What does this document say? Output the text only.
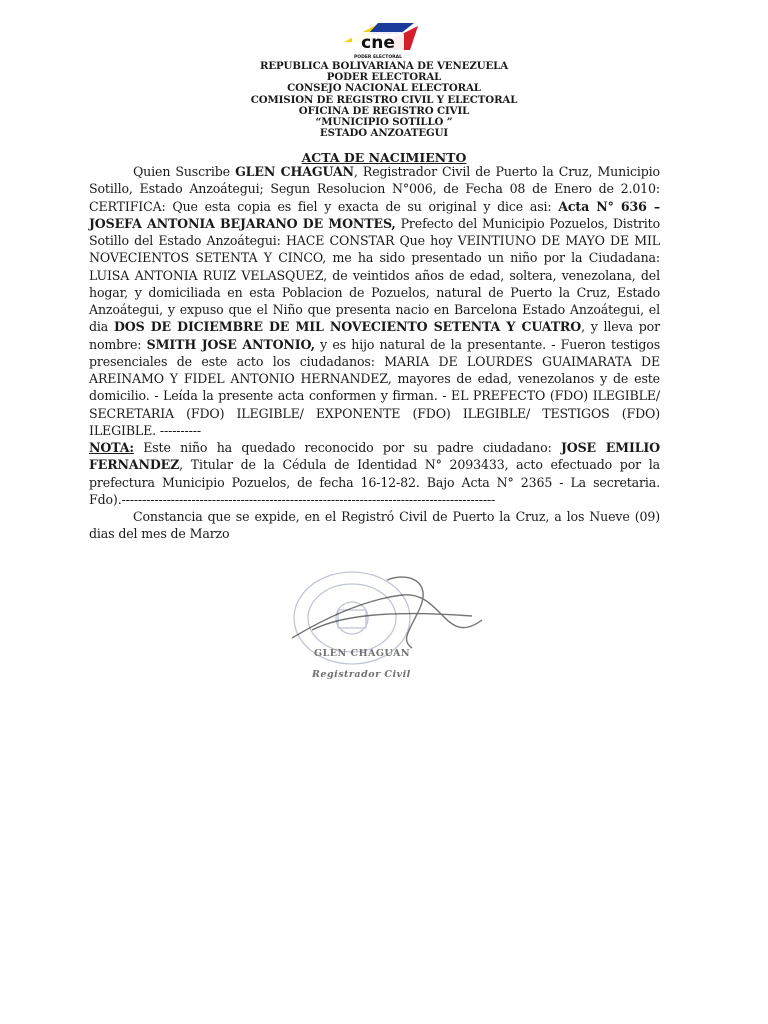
cne
PODER ELECTORAL
REPUBLICA BOLIVARIANA DE VENEZUELA
PODER ELECTORAL
CONSEJO NACIONAL ELECTORAL
COMISION DE REGISTRO CIVIL Y ELECTORAL
OFICINA DE REGISTRO CIVIL
“MUNICIPIO SOTILLO ”
ESTADO ANZOATEGUI
ACTA DE NACIMIENTO

Quien Suscribe GLEN CHAGUAN, Registrador Civil de Puerto la Cruz, Municipio Sotillo, Estado Anzoátegui; Segun Resolucion N°006, de Fecha 08 de Enero de 2.010: CERTIFICA: Que esta copia es fiel y exacta de su original y dice asi: Acta N° 636 – JOSEFA ANTONIA BEJARANO DE MONTES, Prefecto del Municipio Pozuelos, Distrito Sotillo del Estado Anzoátegui: HACE CONSTAR Que hoy VEINTIUNO DE MAYO DE MIL NOVECIENTOS SETENTA Y CINCO, me ha sido presentado un niño por la Ciudadana: LUISA ANTONIA RUIZ VELASQUEZ, de veintidos años de edad, soltera, venezolana, del hogar, y domiciliada en esta Poblacion de Pozuelos, natural de Puerto la Cruz, Estado Anzoátegui, y expuso que el Niño que presenta nacio en Barcelona Estado Anzoátegui, el dia DOS DE DICIEMBRE DE MIL NOVECIENTO SETENTA Y CUATRO, y lleva por nombre: SMITH JOSE ANTONIO, y es hijo natural de la presentante. - Fueron testigos presenciales de este acto los ciudadanos: MARIA DE LOURDES GUAIMARATA DE AREINAMO Y FIDEL ANTONIO HERNANDEZ, mayores de edad, venezolanos y de este domicilio. - Leída la presente acta conformen y firman. - EL PREFECTO (FDO) ILEGIBLE/ SECRETARIA (FDO) ILEGIBLE/ EXPONENTE (FDO) ILEGIBLE/ TESTIGOS (FDO) ILEGIBLE. ----------

NOTA: Este niño ha quedado reconocido por su padre ciudadano: JOSE EMILIO FERNANDEZ, Titular de la Cédula de Identidad N° 2093433, acto efectuado por la prefectura Municipio Pozuelos, de fecha 16-12-82. Bajo Acta N° 2365 - La secretaria. Fdo).-------------------------------------------------------------------------------------------

Constancia que se expide, en el Registró Civil de Puerto la Cruz, a los Nueve (09) dias del mes de Marzo

GLEN CHAGUAN
Registrador Civil
